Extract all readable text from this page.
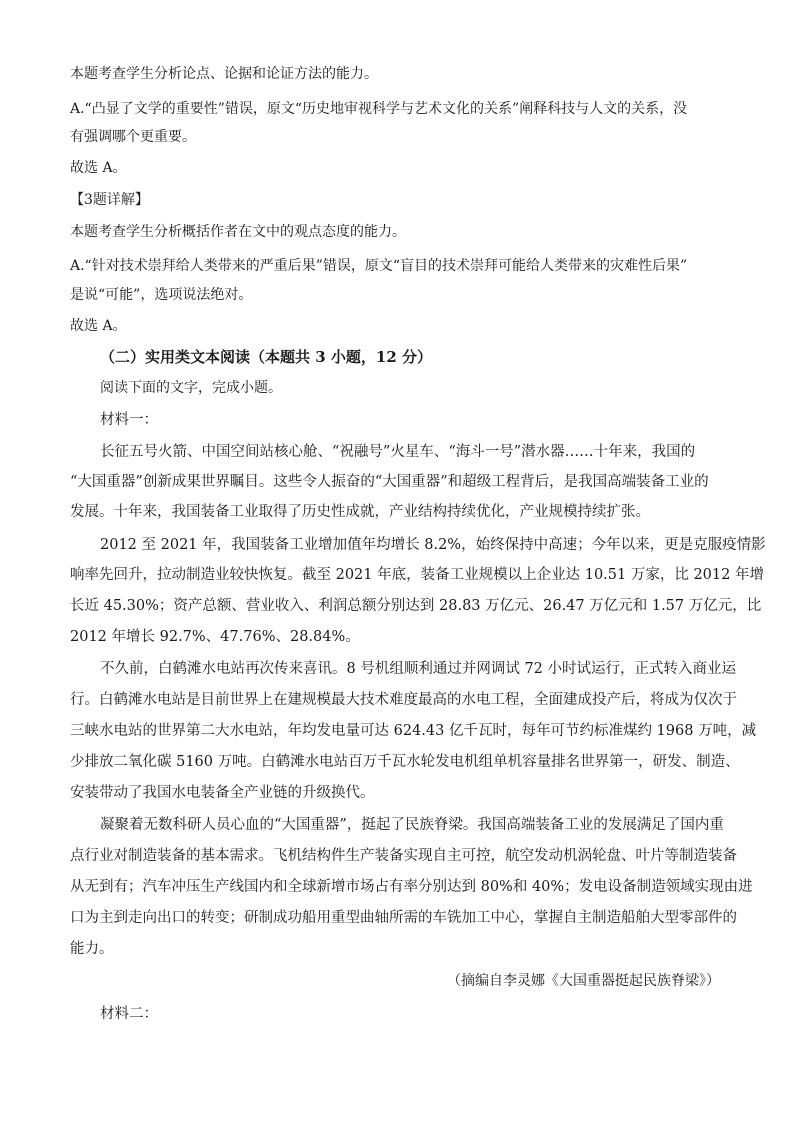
本题考查学生分析论点、论据和论证方法的能力。
A.“凸显了文学的重要性”错误，原文“历史地审视科学与艺术文化的关系”阐释科技与人文的关系，没
有强调哪个更重要。
故选 A。
【3题详解】
本题考查学生分析概括作者在文中的观点态度的能力。
A.“针对技术崇拜给人类带来的严重后果”错误，原文“盲目的技术崇拜可能给人类带来的灾难性后果”
是说“可能”，选项说法绝对。
故选 A。
（二）实用类文本阅读（本题共 3 小题，12 分）
阅读下面的文字，完成小题。
材料一：
长征五号火箭、中国空间站核心舱、“祝融号”火星车、“海斗一号”潜水器……十年来，我国的
“大国重器”创新成果世界瞩目。这些令人振奋的“大国重器”和超级工程背后，是我国高端装备工业的
发展。十年来，我国装备工业取得了历史性成就，产业结构持续优化，产业规模持续扩张。
2012 至 2021 年，我国装备工业增加值年均增长 8.2%，始终保持中高速；今年以来，更是克服疫情影
响率先回升，拉动制造业较快恢复。截至 2021 年底，装备工业规模以上企业达 10.51 万家，比 2012 年增
长近 45.30%；资产总额、营业收入、利润总额分别达到 28.83 万亿元、26.47 万亿元和 1.57 万亿元，比
2012 年增长 92.7%、47.76%、28.84%。
不久前，白鹤滩水电站再次传来喜讯。8 号机组顺利通过并网调试 72 小时试运行，正式转入商业运
行。白鹤滩水电站是目前世界上在建规模最大技术难度最高的水电工程，全面建成投产后，将成为仅次于
三峡水电站的世界第二大水电站，年均发电量可达 624.43 亿千瓦时，每年可节约标准煤约 1968 万吨，减
少排放二氧化碳 5160 万吨。白鹤滩水电站百万千瓦水轮发电机组单机容量排名世界第一，研发、制造、
安装带动了我国水电装备全产业链的升级换代。
凝聚着无数科研人员心血的“大国重器”，挺起了民族脊梁。我国高端装备工业的发展满足了国内重
点行业对制造装备的基本需求。飞机结构件生产装备实现自主可控，航空发动机涡轮盘、叶片等制造装备
从无到有；汽车冲压生产线国内和全球新增市场占有率分别达到 80%和 40%；发电设备制造领域实现由进
口为主到走向出口的转变；研制成功船用重型曲轴所需的车铣加工中心，掌握自主制造船舶大型零部件的
能力。
（摘编自李灵娜《大国重器挺起民族脊梁》）
材料二：
